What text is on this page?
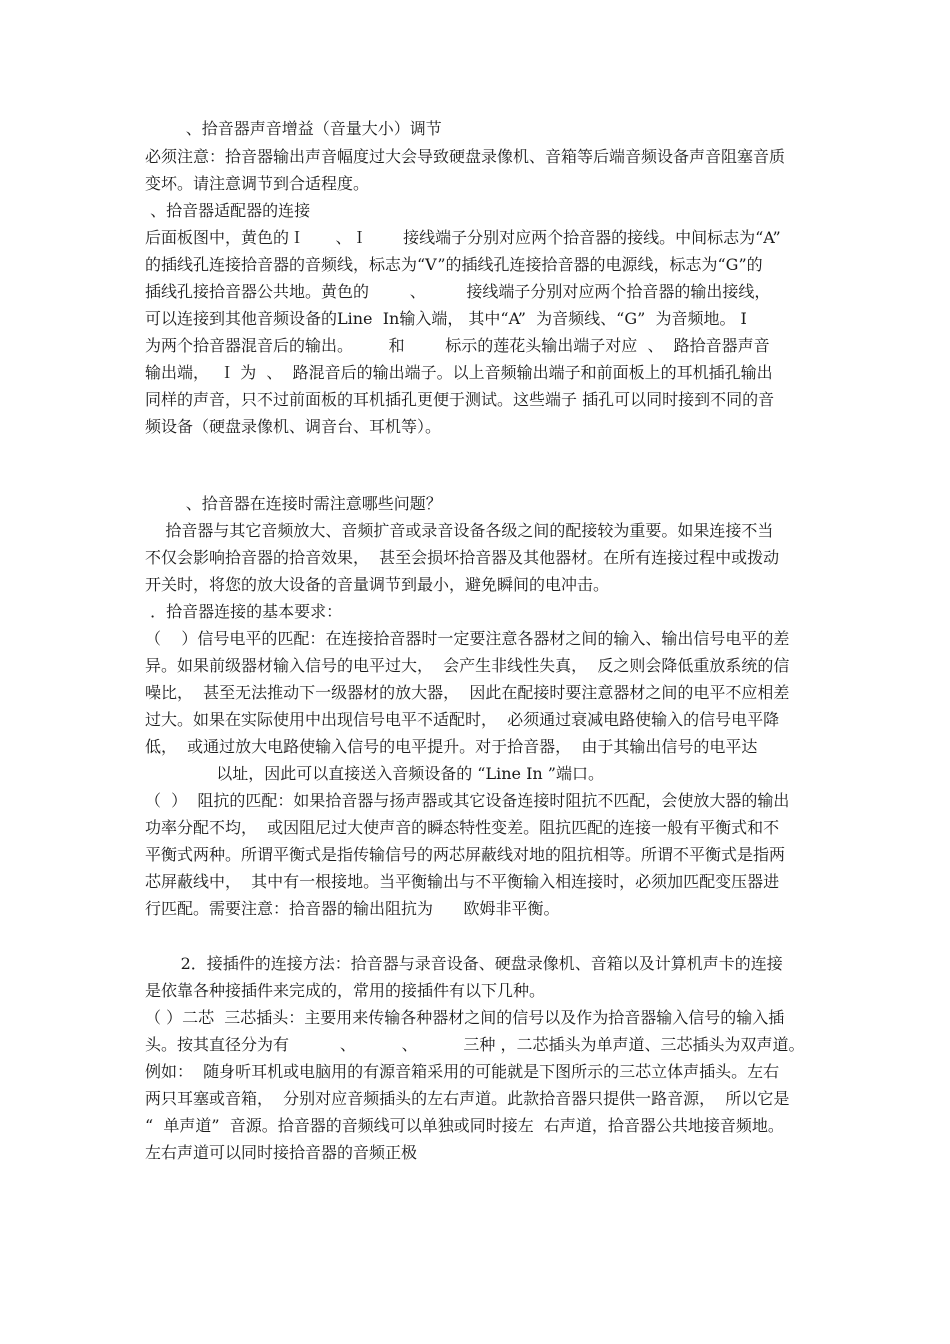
、拾音器声音增益（音量大小）调节
必须注意：拾音器输出声音幅度过大会导致硬盘录像机、音箱等后端音频设备声音阻塞音质
变坏。请注意调节到合适程度。
、拾音器适配器的连接
后面板图中，黄色的Ｉ      、Ｉ       接线端子分别对应两个拾音器的接线。中间标志为“A”
的插线孔连接拾音器的音频线，标志为“V”的插线孔连接拾音器的电源线，标志为“G”的
插线孔接拾音器公共地。黄色的        、        接线端子分别对应两个拾音器的输出接线，
可以连接到其他音频设备的Line  In输入端， 其中“A”  为音频线、“G”  为音频地。 I
为两个拾音器混音后的输出。       和        标示的莲花头输出端子对应  、  路拾音器声音
输出端，  Ｉ 为  、  路混音后的输出端子。以上音频输出端子和前面板上的耳机插孔输出
同样的声音，只不过前面板的耳机插孔更便于测试。这些端子 插孔可以同时接到不同的音
频设备（硬盘录像机、调音台、耳机等）。
、拾音器在连接时需注意哪些问题？
拾音器与其它音频放大、音频扩音或录音设备各级之间的配接较为重要。如果连接不当
不仅会影响拾音器的拾音效果，  甚至会损坏拾音器及其他器材。在所有连接过程中或拨动
开关时，将您的放大设备的音量调节到最小，避免瞬间的电冲击。
．拾音器连接的基本要求：
（    ）信号电平的匹配：在连接拾音器时一定要注意各器材之间的输入、输出信号电平的差
异。如果前级器材输入信号的电平过大，  会产生非线性失真，  反之则会降低重放系统的信
噪比，  甚至无法推动下一级器材的放大器，  因此在配接时要注意器材之间的电平不应相差
过大。如果在实际使用中出现信号电平不适配时，  必须通过衰减电路使输入的信号电平降
低，  或通过放大电路使输入信号的电平提升。对于拾音器，  由于其输出信号的电平达
以址，因此可以直接送入音频设备的 “Line In ”端口。
（  ）  阻抗的匹配：如果拾音器与扬声器或其它设备连接时阻抗不匹配，会使放大器的输出
功率分配不均，  或因阻尼过大使声音的瞬态特性变差。阻抗匹配的连接一般有平衡式和不
平衡式两种。所谓平衡式是指传输信号的两芯屏蔽线对地的阻抗相等。所谓不平衡式是指两
芯屏蔽线中，  其中有一根接地。当平衡输出与不平衡输入相连接时，必须加匹配变压器进
行匹配。需要注意：拾音器的输出阻抗为      欧姆非平衡。
2．接插件的连接方法：拾音器与录音设备、硬盘录像机、音箱以及计算机声卡的连接
是依靠各种接插件来完成的，常用的接插件有以下几种。
（ ）二芯  三芯插头：主要用来传输各种器材之间的信号以及作为拾音器输入信号的输入插
头。按其直径分为有          、         、         三种 ，二芯插头为单声道、三芯插头为双声道。
例如：  随身听耳机或电脑用的有源音箱采用的可能就是下图所示的三芯立体声插头。左右
两只耳塞或音箱，  分别对应音频插头的左右声道。此款拾音器只提供一路音源，  所以它是
“  单声道”  音源。拾音器的音频线可以单独或同时接左  右声道，拾音器公共地接音频地。
左右声道可以同时接拾音器的音频正极
